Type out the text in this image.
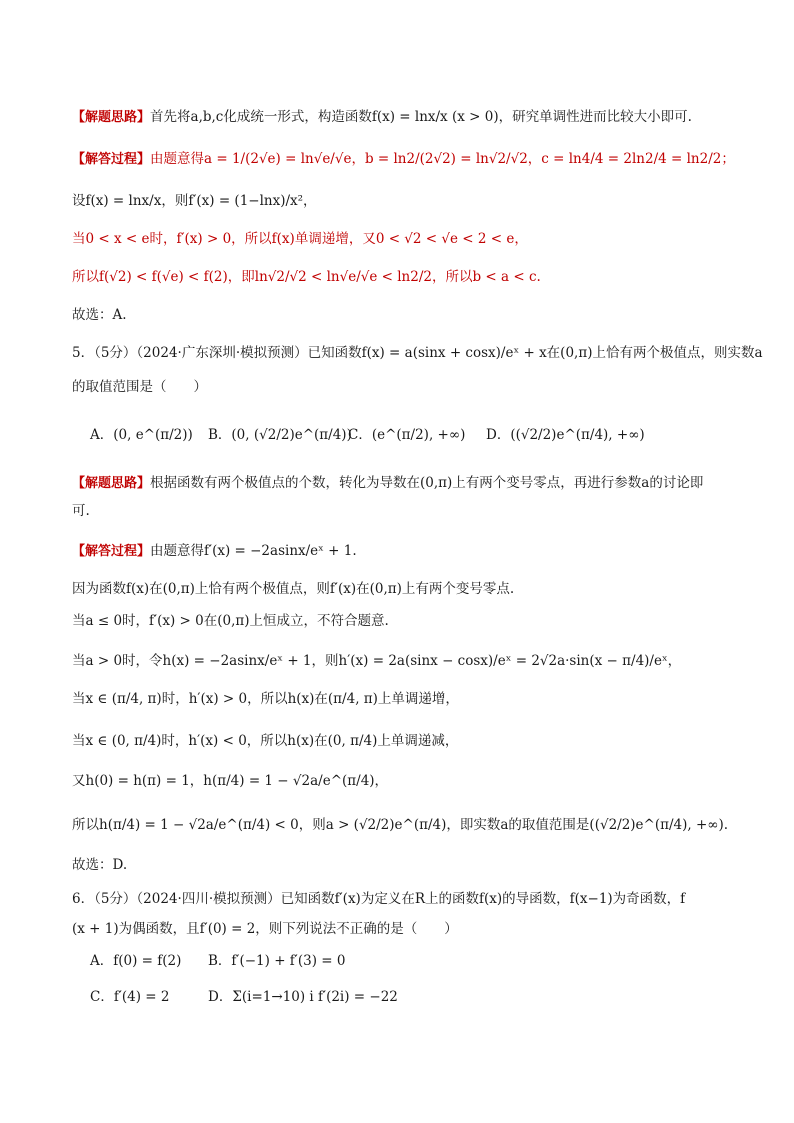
【解题思路】首先将a,b,c化成统一形式，构造函数f(x) = lnx/x (x > 0)，研究单调性进而比较大小即可.
【解答过程】由题意得a = 1/(2√e) = ln√e/√e，b = ln2/(2√2) = ln√2/√2，c = ln4/4 = 2ln2/4 = ln2/2；
设f(x) = lnx/x，则f′(x) = (1−lnx)/x²，
当0 < x < e时，f′(x) > 0，所以f(x)单调递增，又0 < √2 < √e < 2 < e，
所以f(√2) < f(√e) < f(2)，即ln√2/√2 < ln√e/√e < ln2/2，所以b < a < c.
故选：A.
5．（5分）（2024·广东深圳·模拟预测）已知函数f(x) = a(sinx + cosx)/eˣ + x在(0,π)上恰有两个极值点，则实数a
的取值范围是（　　）
A．(0, e^(π/2)) B．(0, (√2/2)e^(π/4))
C．(e^(π/2), +∞) D．((√2/2)e^(π/4), +∞)
【解题思路】根据函数有两个极值点的个数，转化为导数在(0,π)上有两个变号零点，再进行参数a的讨论即
可.
【解答过程】由题意得f′(x) = −2asinx/eˣ + 1.
因为函数f(x)在(0,π)上恰有两个极值点，则f′(x)在(0,π)上有两个变号零点.
当a ≤ 0时，f′(x) > 0在(0,π)上恒成立，不符合题意.
当a > 0时，令h(x) = −2asinx/eˣ + 1，则h′(x) = 2a(sinx − cosx)/eˣ = 2√2a·sin(x − π/4)/eˣ，
当x ∈ (π/4, π)时，h′(x) > 0，所以h(x)在(π/4, π)上单调递增，
当x ∈ (0, π/4)时，h′(x) < 0，所以h(x)在(0, π/4)上单调递减，
又h(0) = h(π) = 1，h(π/4) = 1 − √2a/e^(π/4)，
所以h(π/4) = 1 − √2a/e^(π/4) < 0，则a > (√2/2)e^(π/4)，即实数a的取值范围是((√2/2)e^(π/4), +∞).
故选：D.
6．（5分）（2024·四川·模拟预测）已知函数f′(x)为定义在R上的函数f(x)的导函数，f(x−1)为奇函数，f
(x + 1)为偶函数，且f′(0) = 2，则下列说法不正确的是（　　）
A．f(0) = f(2) B．f′(−1) + f′(3) = 0
C．f′(4) = 2	D．Σ(i=1→10) i f′(2i) = −22
